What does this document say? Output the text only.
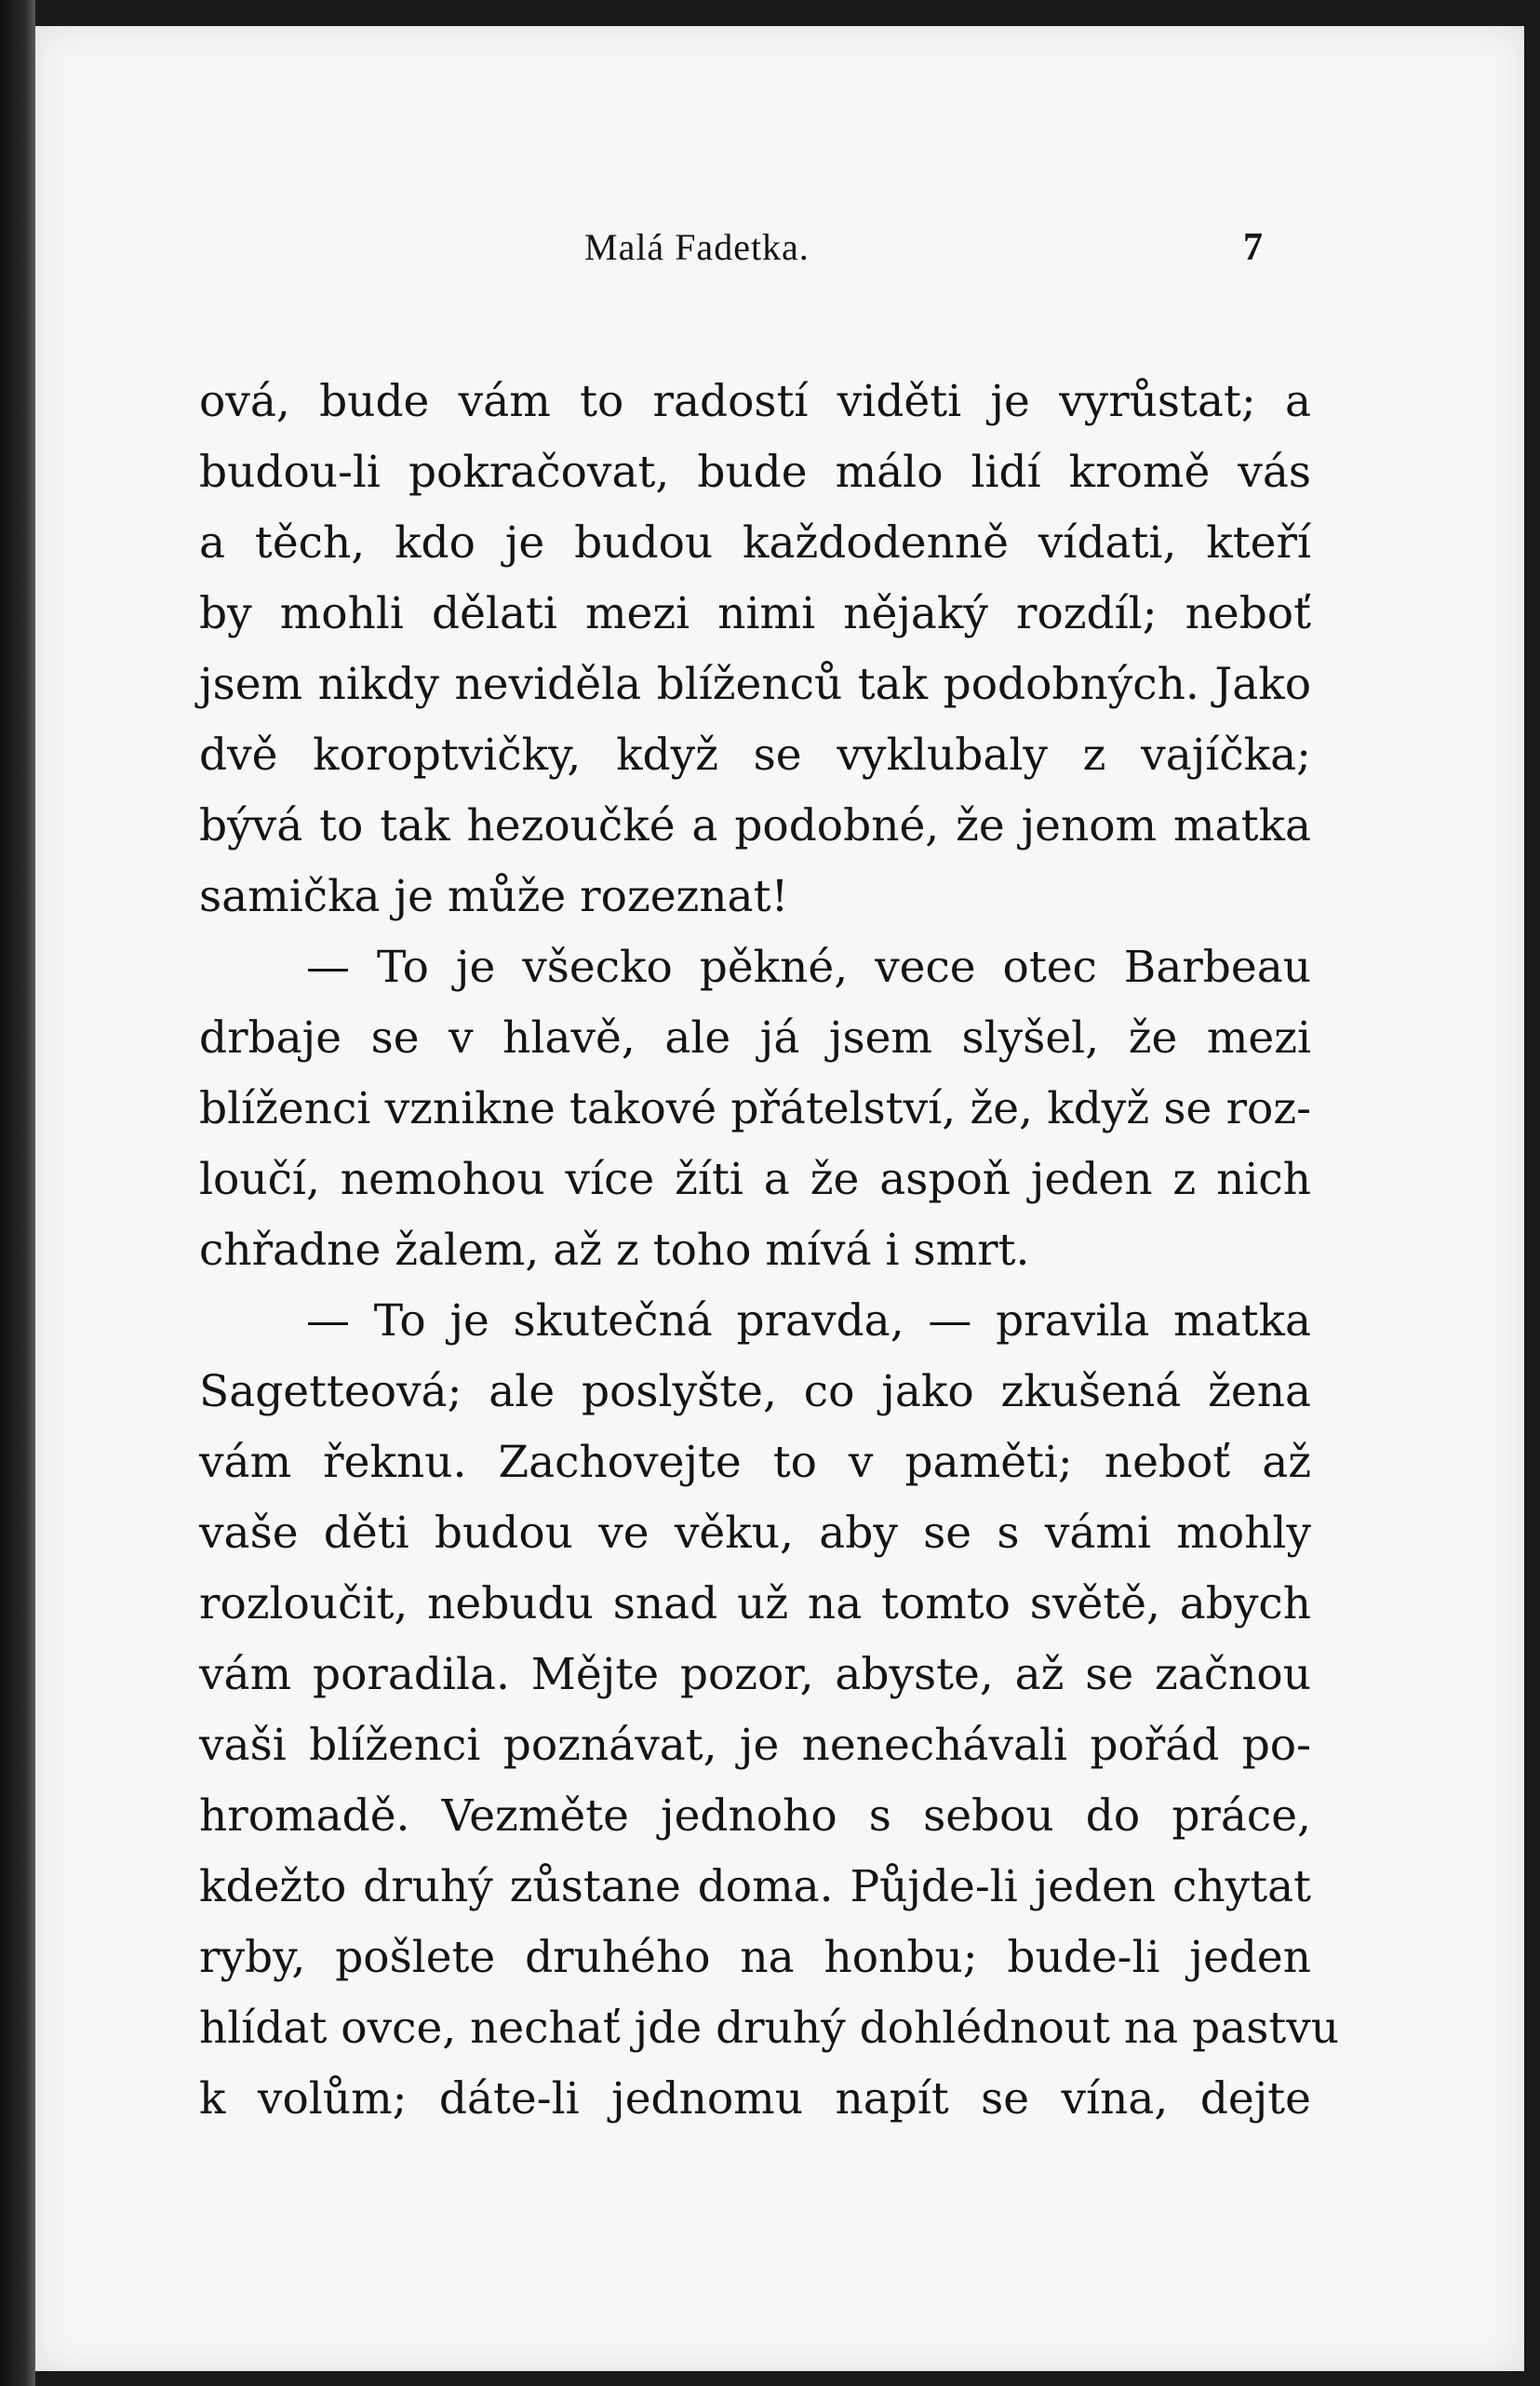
Malá Fadetka.	7
ová, bude vám to radostí viděti je vyrůstat; a
budou-li pokračovat, bude málo lidí kromě vás
a těch, kdo je budou každodenně vídati, kteří
by mohli dělati mezi nimi nějaký rozdíl; neboť
jsem nikdy neviděla blíženců tak podobných. Jako
dvě koroptvičky, když se vyklubaly z vajíčka;
bývá to tak hezoučké a podobné, že jenom matka
samička je může rozeznat!
— To je všecko pěkné, vece otec Barbeau
drbaje se v hlavě, ale já jsem slyšel, že mezi
blíženci vznikne takové přátelství, že, když se roz-
loučí, nemohou více žíti a že aspoň jeden z nich
chřadne žalem, až z toho mívá i smrt.
— To je skutečná pravda, — pravila matka
Sagetteová; ale poslyšte, co jako zkušená žena
vám řeknu. Zachovejte to v paměti; neboť až
vaše děti budou ve věku, aby se s vámi mohly
rozloučit, nebudu snad už na tomto světě, abych
vám poradila. Mějte pozor, abyste, až se začnou
vaši blíženci poznávat, je nenechávali pořád po-
hromadě. Vezměte jednoho s sebou do práce,
kdežto druhý zůstane doma. Půjde-li jeden chytat
ryby, pošlete druhého na honbu; bude-li jeden
hlídat ovce, nechať jde druhý dohlédnout na pastvu
k volům; dáte-li jednomu napít se vína, dejte
